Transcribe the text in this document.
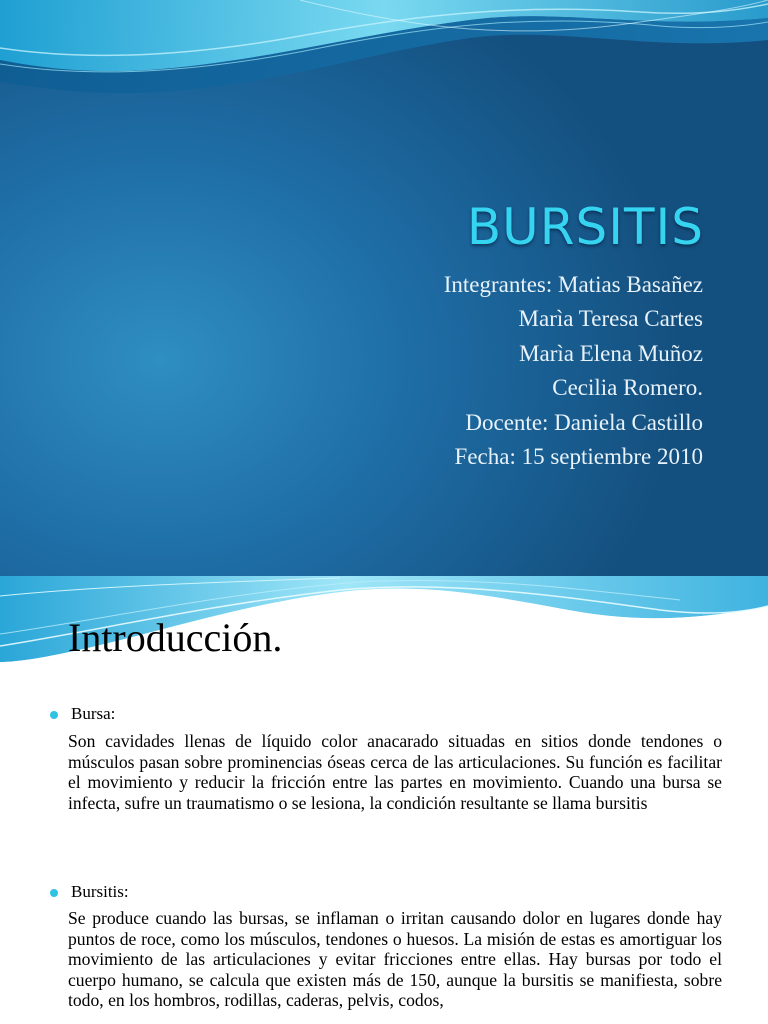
BURSITIS
Integrantes: Matias Basañez
Marìa Teresa Cartes
Marìa Elena Muñoz
Cecilia Romero.
Docente: Daniela Castillo
Fecha: 15 septiembre 2010
Introducción.
Bursa:
Son cavidades llenas de líquido color anacarado situadas en sitios donde tendones o músculos pasan sobre prominencias óseas cerca de las articulaciones. Su función es facilitar el movimiento y reducir la fricción entre las partes en movimiento. Cuando una bursa se infecta, sufre un traumatismo o se lesiona, la condición resultante se llama bursitis
Bursitis:
Se produce cuando las bursas, se inflaman o irritan causando dolor en lugares donde hay puntos de roce, como los músculos, tendones o huesos. La misión de estas es amortiguar los movimiento de las articulaciones y evitar fricciones entre ellas. Hay bursas por todo el cuerpo humano, se calcula que existen más de 150, aunque la bursitis se manifiesta, sobre todo, en los hombros, rodillas, caderas, pelvis, codos,
